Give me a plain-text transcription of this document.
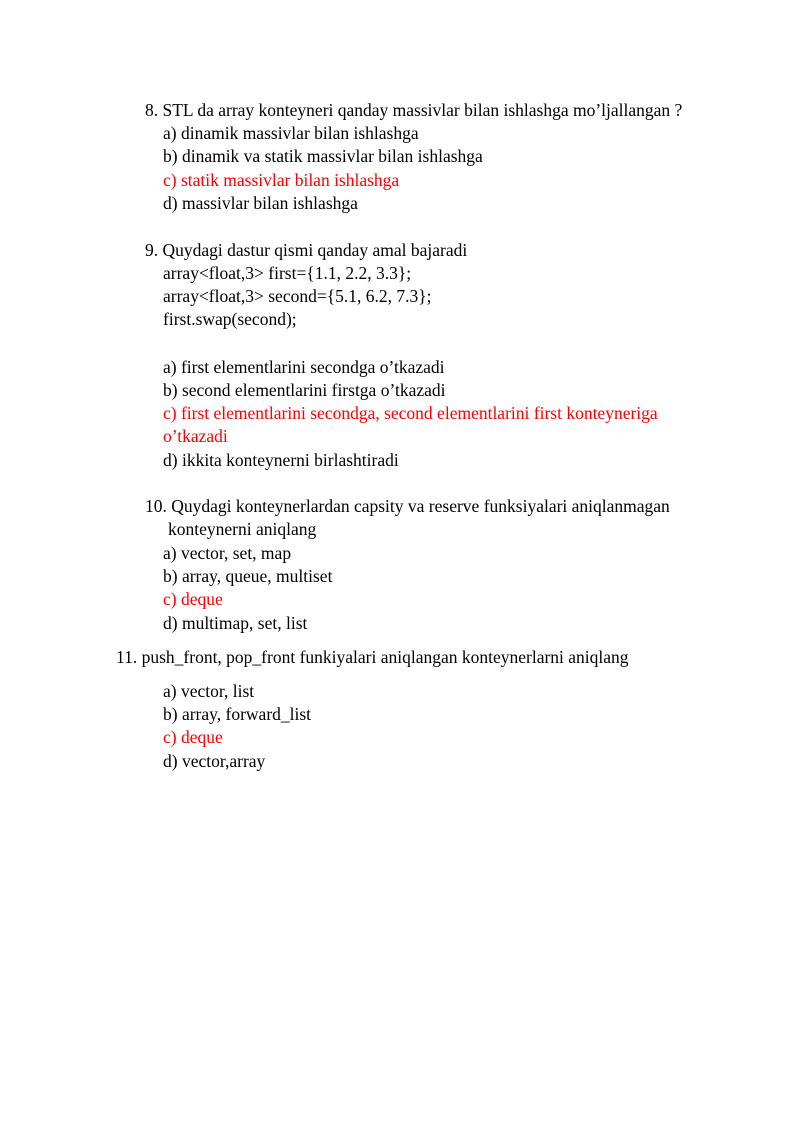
8. STL da array konteyneri qanday massivlar bilan ishlashga mo’ljallangan ?
a) dinamik massivlar bilan ishlashga
b) dinamik va statik massivlar bilan ishlashga
c) statik massivlar bilan ishlashga
d) massivlar bilan ishlashga
9. Quydagi dastur qismi qanday amal bajaradi
array<float,3> first={1.1, 2.2, 3.3};
array<float,3> second={5.1, 6.2, 7.3};
first.swap(second);
a) first elementlarini secondga o’tkazadi
b) second elementlarini firstga o’tkazadi
c) first elementlarini secondga, second elementlarini first konteyneriga
o’tkazadi
d) ikkita konteynerni birlashtiradi
10. Quydagi konteynerlardan capsity va reserve funksiyalari aniqlanmagan
konteynerni aniqlang
a) vector, set, map
b) array, queue, multiset
c) deque
d) multimap, set, list
11. push_front, pop_front funkiyalari aniqlangan konteynerlarni aniqlang
a) vector, list
b) array, forward_list
c) deque
d) vector,array
